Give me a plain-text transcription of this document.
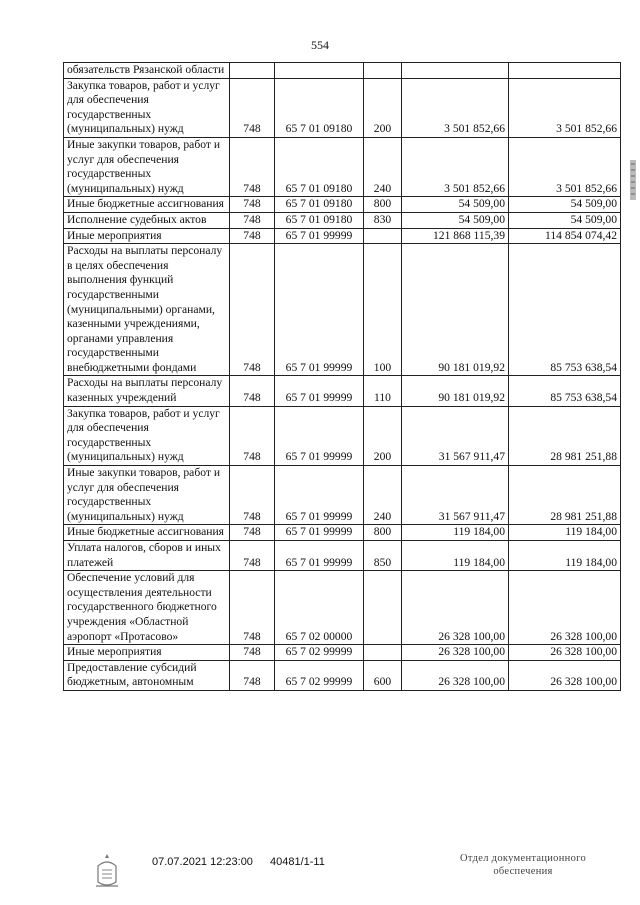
554
обязательств Рязанской области					
Закупка товаров, работ и услуг для обеспечения государственных (муниципальных) нужд	748	65 7 01 09180	200	3 501 852,66	3 501 852,66
Иные закупки товаров, работ и услуг для обеспечения государственных (муниципальных) нужд	748	65 7 01 09180	240	3 501 852,66	3 501 852,66
Иные бюджетные ассигнования	748	65 7 01 09180	800	54 509,00	54 509,00
Исполнение судебных актов	748	65 7 01 09180	830	54 509,00	54 509,00
Иные мероприятия	748	65 7 01 99999		121 868 115,39	114 854 074,42
Расходы на выплаты персоналу в целях обеспечения выполнения функций государственными (муниципальными) органами, казенными учреждениями, органами управления государственными внебюджетными фондами	748	65 7 01 99999	100	90 181 019,92	85 753 638,54
Расходы на выплаты персоналу казенных учреждений	748	65 7 01 99999	110	90 181 019,92	85 753 638,54
Закупка товаров, работ и услуг для обеспечения государственных (муниципальных) нужд	748	65 7 01 99999	200	31 567 911,47	28 981 251,88
Иные закупки товаров, работ и услуг для обеспечения государственных (муниципальных) нужд	748	65 7 01 99999	240	31 567 911,47	28 981 251,88
Иные бюджетные ассигнования	748	65 7 01 99999	800	119 184,00	119 184,00
Уплата налогов, сборов и иных платежей	748	65 7 01 99999	850	119 184,00	119 184,00
Обеспечение условий для осуществления деятельности государственного бюджетного учреждения «Областной аэропорт «Протасово»	748	65 7 02 00000		26 328 100,00	26 328 100,00
Иные мероприятия	748	65 7 02 99999		26 328 100,00	26 328 100,00
Предоставление субсидий бюджетным, автономным	748	65 7 02 99999	600	26 328 100,00	26 328 100,00
07.07.2021 12:23:00 40481/1-11	Отдел документационного обеспечения
